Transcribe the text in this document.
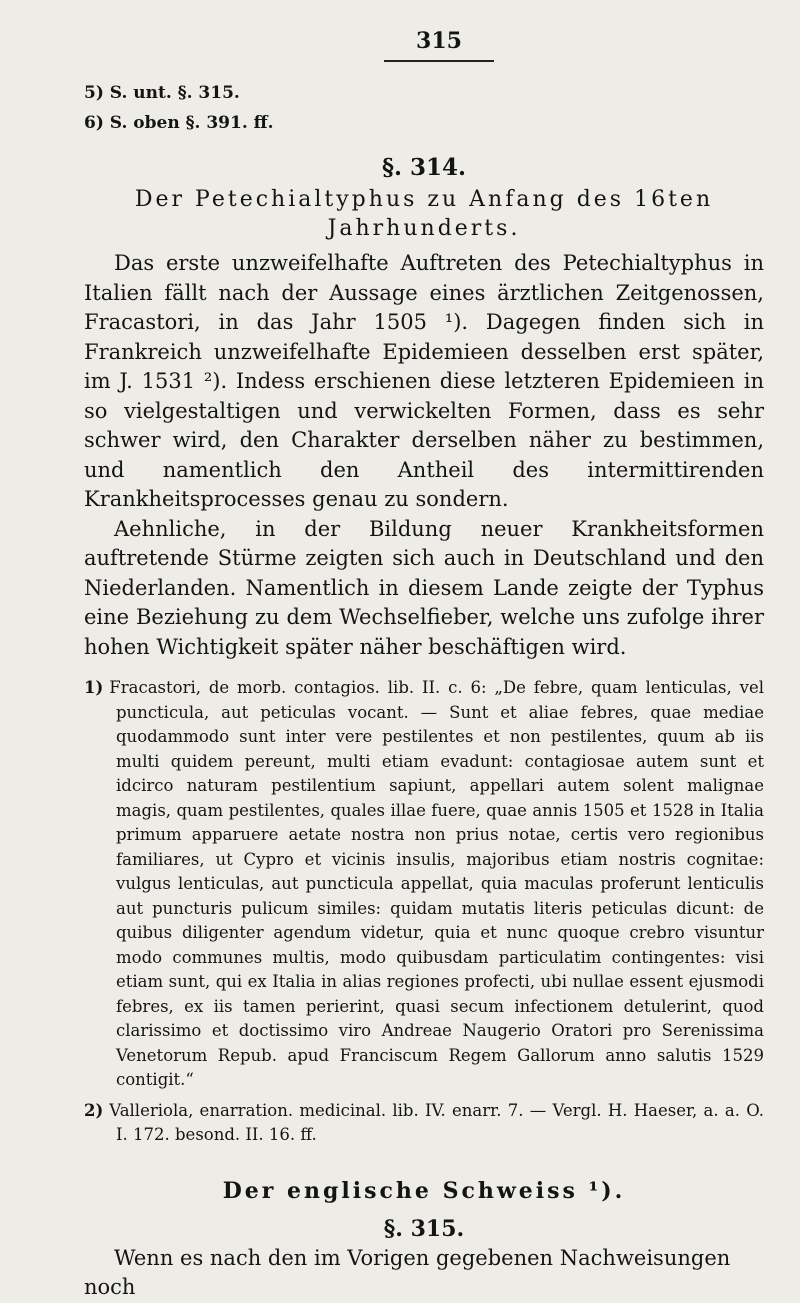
315
5) S. unt. §. 315.
6) S. oben §. 391. ff.
§. 314.
Der Petechialtyphus zu Anfang des 16ten Jahrhunderts.

Das erste unzweifelhafte Auftreten des Petechialtyphus in Italien fällt nach der Aussage eines ärztlichen Zeitgenossen, Fracastori, in das Jahr 1505 ¹). Dagegen finden sich in Frankreich unzweifelhafte Epidemieen desselben erst später, im J. 1531 ²). Indess erschienen diese letzteren Epidemieen in so vielgestaltigen und verwickelten Formen, dass es sehr schwer wird, den Charakter derselben näher zu bestimmen, und namentlich den Antheil des intermittirenden Krankheitsprocesses genau zu sondern.

Aehnliche, in der Bildung neuer Krankheitsformen auftretende Stürme zeigten sich auch in Deutschland und den Niederlanden. Namentlich in diesem Lande zeigte der Typhus eine Beziehung zu dem Wechselfieber, welche uns zufolge ihrer hohen Wichtigkeit später näher beschäftigen wird.

1) Fracastori, de morb. contagios. lib. II. c. 6: „De febre, quam lenticulas, vel puncticula, aut peticulas vocant. — Sunt et aliae febres, quae mediae quodammodo sunt inter vere pestilentes et non pestilentes, quum ab iis multi quidem pereunt, multi etiam evadunt: contagiosae autem sunt et idcirco naturam pestilentium sapiunt, appellari autem solent malignae magis, quam pestilentes, quales illae fuere, quae annis 1505 et 1528 in Italia primum apparuere aetate nostra non prius notae, certis vero regionibus familiares, ut Cypro et vicinis insulis, majoribus etiam nostris cognitae: vulgus lenticulas, aut puncticula appellat, quia maculas proferunt lenticulis aut puncturis pulicum similes: quidam mutatis literis peticulas dicunt: de quibus diligenter agendum videtur, quia et nunc quoque crebro visuntur modo communes multis, modo quibusdam particulatim contingentes: visi etiam sunt, qui ex Italia in alias regiones profecti, ubi nullae essent ejusmodi febres, ex iis tamen perierint, quasi secum infectionem detulerint, quod clarissimo et doctissimo viro Andreae Naugerio Oratori pro Serenissima Venetorum Repub. apud Franciscum Regem Gallorum anno salutis 1529 contigit.“

2) Valleriola, enarration. medicinal. lib. IV. enarr. 7. — Vergl. H. Haeser, a. a. O. I. 172. besond. II. 16. ff.

Der englische Schweiss ¹).
§. 315.

Wenn es nach den im Vorigen gegebenen Nachweisungen noch
